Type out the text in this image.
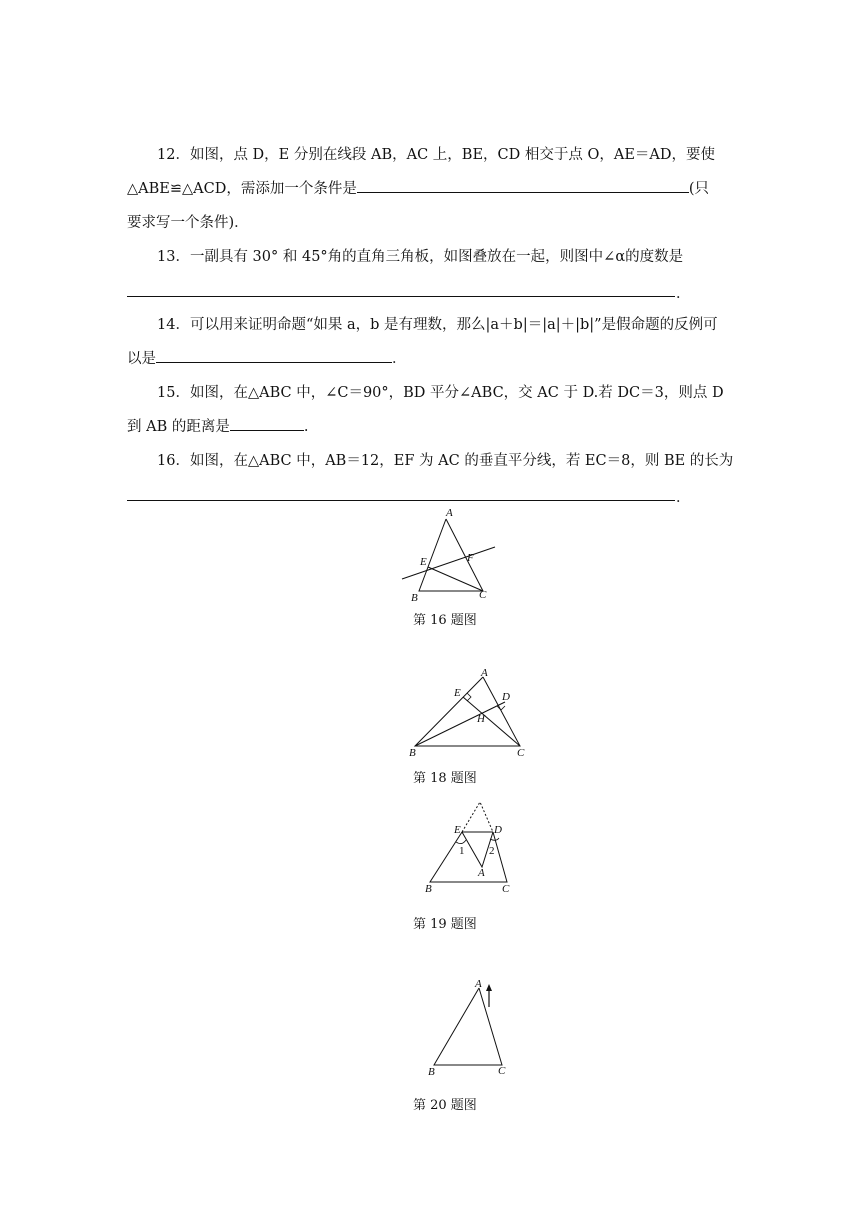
12．如图，点 D，E 分别在线段 AB，AC 上，BE，CD 相交于点 O，AE＝AD，要使
△ABE≌△ACD，需添加一个条件是	(只
要求写一个条件)．
13．一副具有 30° 和 45°角的直角三角板，如图叠放在一起，则图中∠α的度数是
．
14．可以用来证明命题“如果 a，b 是有理数，那么|a＋b|＝|a|＋|b|”是假命题的反例可
以是	．
15．如图，在△ABC 中，∠C＝90°，BD 平分∠ABC，交 AC 于 D.若 DC＝3，则点 D
到 AB 的距离是	.
16．如图，在△ABC 中，AB＝12，EF 为 AC 的垂直平分线，若 EC＝8，则 BE 的长为
．
A
E	F
B	C
第 16 题图
A
E	D
H
B	C
第 18 题图
E	D
1 2
A
B	C
第 19 题图
A
B	C
第 20 题图
